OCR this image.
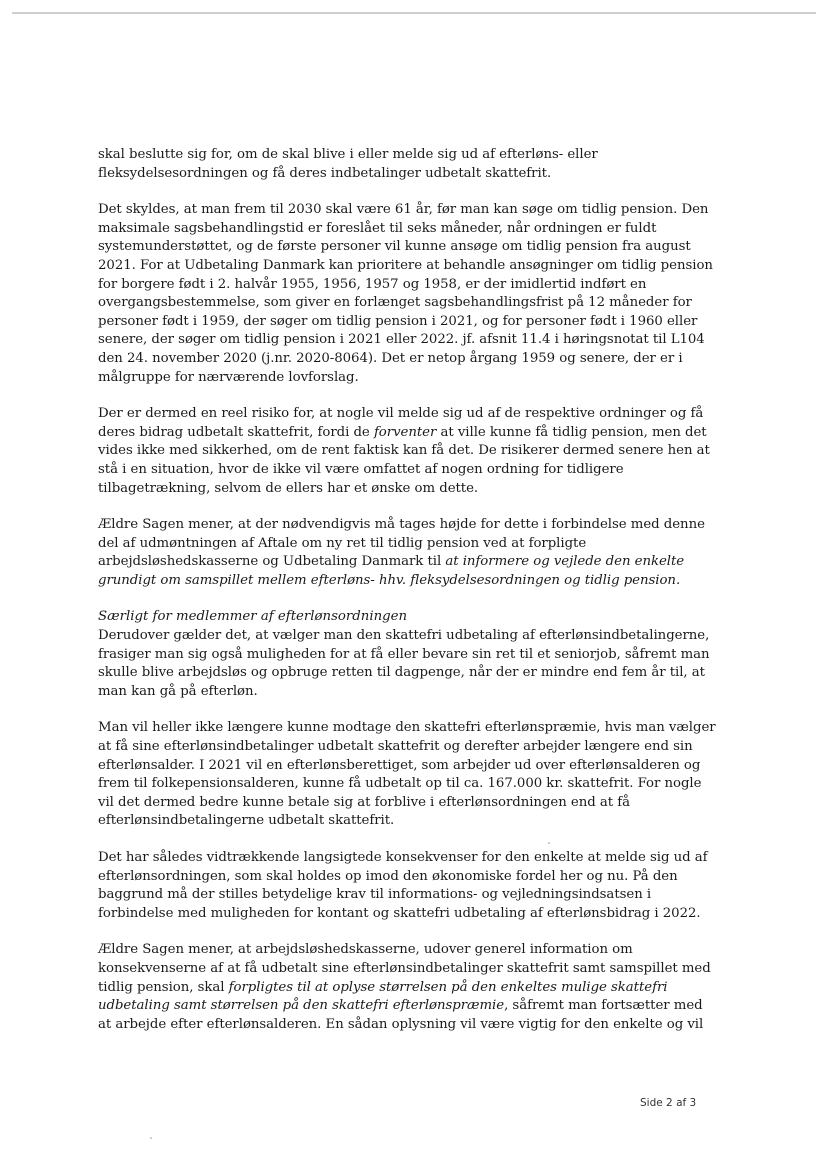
skal beslutte sig for, om de skal blive i eller melde sig ud af efterløns- eller
fleksydelsesordningen og få deres indbetalinger udbetalt skattefrit.

Det skyldes, at man frem til 2030 skal være 61 år, før man kan søge om tidlig pension. Den
maksimale sagsbehandlingstid er foreslået til seks måneder, når ordningen er fuldt
systemunderstøttet, og de første personer vil kunne ansøge om tidlig pension fra august
2021. For at Udbetaling Danmark kan prioritere at behandle ansøgninger om tidlig pension
for borgere født i 2. halvår 1955, 1956, 1957 og 1958, er der imidlertid indført en
overgangsbestemmelse, som giver en forlænget sagsbehandlingsfrist på 12 måneder for
personer født i 1959, der søger om tidlig pension i 2021, og for personer født i 1960 eller
senere, der søger om tidlig pension i 2021 eller 2022. jf. afsnit 11.4 i høringsnotat til L104
den 24. november 2020 (j.nr. 2020-8064). Det er netop årgang 1959 og senere, der er i
målgruppe for nærværende lovforslag.

Der er dermed en reel risiko for, at nogle vil melde sig ud af de respektive ordninger og få
deres bidrag udbetalt skattefrit, fordi de forventer at ville kunne få tidlig pension, men det
vides ikke med sikkerhed, om de rent faktisk kan få det. De risikerer dermed senere hen at
stå i en situation, hvor de ikke vil være omfattet af nogen ordning for tidligere
tilbagetrækning, selvom de ellers har et ønske om dette.

Ældre Sagen mener, at der nødvendigvis må tages højde for dette i forbindelse med denne
del af udmøntningen af Aftale om ny ret til tidlig pension ved at forpligte
arbejdsløshedskasserne og Udbetaling Danmark til at informere og vejlede den enkelte
grundigt om samspillet mellem efterløns- hhv. fleksydelsesordningen og tidlig pension.

Særligt for medlemmer af efterlønsordningen

Derudover gælder det, at vælger man den skattefri udbetaling af efterlønsindbetalingerne,
frasiger man sig også muligheden for at få eller bevare sin ret til et seniorjob, såfremt man
skulle blive arbejdsløs og opbruge retten til dagpenge, når der er mindre end fem år til, at
man kan gå på efterløn.

Man vil heller ikke længere kunne modtage den skattefri efterlønspræmie, hvis man vælger
at få sine efterlønsindbetalinger udbetalt skattefrit og derefter arbejder længere end sin
efterlønsalder. I 2021 vil en efterlønsberettiget, som arbejder ud over efterlønsalderen og
frem til folkepensionsalderen, kunne få udbetalt op til ca. 167.000 kr. skattefrit. For nogle
vil det dermed bedre kunne betale sig at forblive i efterlønsordningen end at få
efterlønsindbetalingerne udbetalt skattefrit.

Det har således vidtrækkende langsigtede konsekvenser for den enkelte at melde sig ud af
efterlønsordningen, som skal holdes op imod den økonomiske fordel her og nu. På den
baggrund må der stilles betydelige krav til informations- og vejledningsindsatsen i
forbindelse med muligheden for kontant og skattefri udbetaling af efterlønsbidrag i 2022.

Ældre Sagen mener, at arbejdsløshedskasserne, udover generel information om
konsekvenserne af at få udbetalt sine efterlønsindbetalinger skattefrit samt samspillet med
tidlig pension, skal forpligtes til at oplyse størrelsen på den enkeltes mulige skattefri
udbetaling samt størrelsen på den skattefri efterlønspræmie, såfremt man fortsætter med
at arbejde efter efterlønsalderen. En sådan oplysning vil være vigtig for den enkelte og vil

Side 2 af 3
